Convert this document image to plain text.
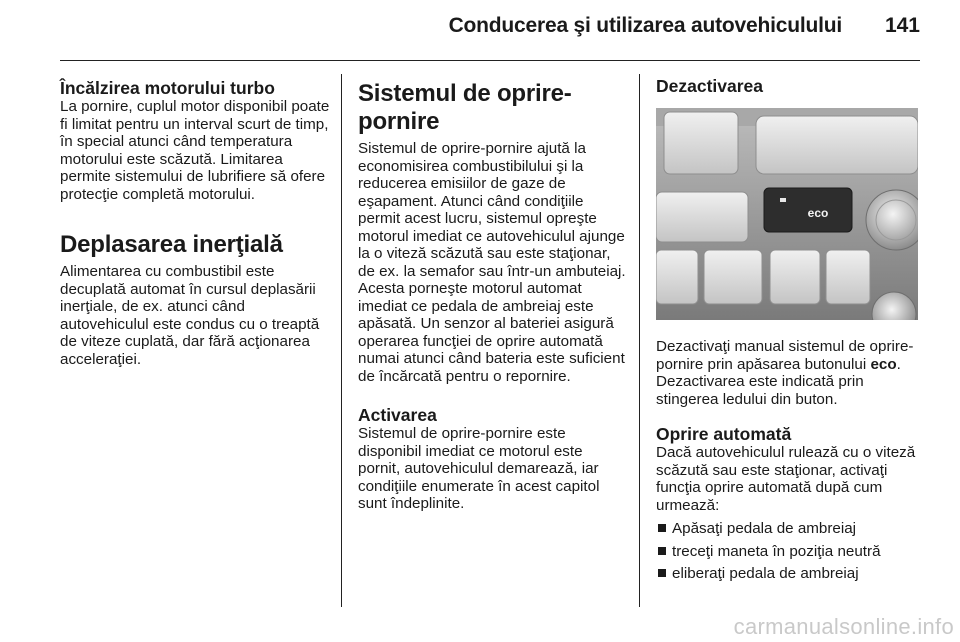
Conducerea şi utilizarea autovehiculului 141
Încălzirea motorului turbo

La pornire, cuplul motor disponibil poate fi limitat pentru un interval scurt de timp, în special atunci când temperatura motorului este scăzută. Limitarea permite sistemului de lubrifiere să ofere protecţie completă motorului.

Deplasarea inerţială

Alimentarea cu combustibil este decuplată automat în cursul deplasării inerţiale, de ex. atunci când autovehiculul este condus cu o treaptă de viteze cuplată, dar fără acţionarea acceleraţiei.

Sistemul de oprire-pornire

Sistemul de oprire-pornire ajută la economisirea combustibilului şi la reducerea emisiilor de gaze de eşapament. Atunci când condiţiile permit acest lucru, sistemul opreşte motorul imediat ce autovehiculul ajunge la o viteză scăzută sau este staţionar, de ex. la semafor sau într-un ambuteiaj. Acesta porneşte motorul automat imediat ce pedala de ambreiaj este apăsată. Un senzor al bateriei asigură operarea funcţiei de oprire automată numai atunci când bateria este suficient de încărcată pentru o repornire.

Activarea

Sistemul de oprire-pornire este disponibil imediat ce motorul este pornit, autovehiculul demarează, iar condiţiile enumerate în acest capitol sunt îndeplinite.

Dezactivarea
eco

Dezactivaţi manual sistemul de oprire-pornire prin apăsarea butonului eco. Dezactivarea este indicată prin stingerea ledului din buton.

Oprire automată

Dacă autovehiculul rulează cu o viteză scăzută sau este staţionar, activaţi funcţia oprire automată după cum urmează:

Apăsaţi pedala de ambreiaj
treceţi maneta în poziţia neutră
eliberaţi pedala de ambreiaj
carmanualsonline.info
